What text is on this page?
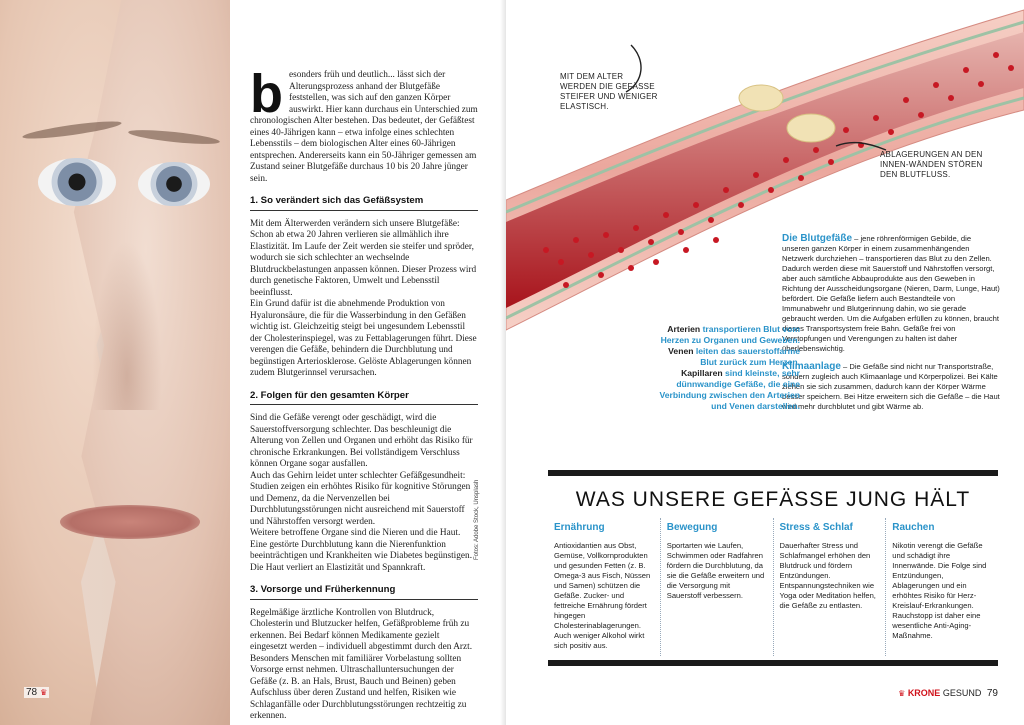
besonders früh und deutlich... lässt sich der Alterungsprozess anhand der Blutgefäße feststellen, was sich auf den ganzen Körper auswirkt. Hier kann durchaus ein Unterschied zum chronologischen Alter bestehen. Das bedeutet, der Gefäßtest eines 40-Jährigen kann – etwa infolge eines schlechten Lebensstils – dem biologischen Alter eines 60-Jährigen entsprechen. Andererseits kann ein 50-Jähriger gemessen am Zustand seiner Blutgefäße durchaus 10 bis 20 Jahre jünger sein.

1. So verändert sich das Gefäßsystem

Mit dem Älterwerden verändern sich unsere Blutgefäße: Schon ab etwa 20 Jahren verlieren sie allmählich ihre Elastizität. Im Laufe der Zeit werden sie steifer und spröder, wodurch sie sich schlechter an wechselnde Blutdruckbelastungen anpassen können. Dieser Prozess wird durch genetische Faktoren, Umwelt und Lebensstil beeinflusst.

Ein Grund dafür ist die abnehmende Produktion von Hyaluronsäure, die für die Wasserbindung in den Gefäßen wichtig ist. Gleichzeitig steigt bei ungesundem Lebensstil der Cholesterinspiegel, was zu Fettablagerungen führt. Diese verengen die Gefäße, behindern die Durchblutung und begünstigen Arteriosklerose. Gelöste Ablagerungen können zudem Blutgerinnsel verursachen.

2. Folgen für den gesamten Körper

Sind die Gefäße verengt oder geschädigt, wird die Sauerstoffversorgung schlechter. Das beschleunigt die Alterung von Zellen und Organen und erhöht das Risiko für chronische Erkrankungen. Bei vollständigem Verschluss können Organe sogar ausfallen.

Auch das Gehirn leidet unter schlechter Gefäßgesundheit: Studien zeigen ein erhöhtes Risiko für kognitive Störungen und Demenz, da die Nervenzellen bei Durchblutungsstörungen nicht ausreichend mit Sauerstoff und Nährstoffen versorgt werden.

Weitere betroffene Organe sind die Nieren und die Haut. Eine gestörte Durchblutung kann die Nierenfunktion beeinträchtigen und Krankheiten wie Diabetes begünstigen. Die Haut verliert an Elastizität und Spannkraft.

3. Vorsorge und Früherkennung

Regelmäßige ärztliche Kontrollen von Blutdruck, Cholesterin und Blutzucker helfen, Gefäßprobleme früh zu erkennen. Bei Bedarf können Medikamente gezielt eingesetzt werden – individuell abgestimmt durch den Arzt. Besonders Menschen mit familiärer Vorbelastung sollten Vorsorge ernst nehmen. Ultraschalluntersuchungen der Gefäße (z. B. an Hals, Brust, Bauch und Beinen) geben Aufschluss über deren Zustand und helfen, Risiken wie Schlaganfälle oder Durchblutungsstörungen rechtzeitig zu erkennen.

Fotos: Adobe Stock, Unsplash
78 ♛
MIT DEM ALTER WERDEN DIE GEFÄSSE STEIFER UND WENIGER ELASTISCH.
ABLAGERUNGEN AN DEN INNEN-WÄNDEN STÖREN DEN BLUTFLUSS.

Die Blutgefäße – jene röhrenförmigen Gebilde, die unseren ganzen Körper in einem zusammenhängenden Netzwerk durchziehen – transportieren das Blut zu den Zellen. Dadurch werden diese mit Sauerstoff und Nährstoffen versorgt, aber auch sämtliche Abbauprodukte aus den Geweben in Richtung der Ausscheidungsorgane (Nieren, Darm, Lunge, Haut) befördert. Die Gefäße liefern auch Bestandteile von Immunabwehr und Blutgerinnung dahin, wo sie gerade gebraucht werden. Um die Aufgaben erfüllen zu können, braucht dieses Transportsystem freie Bahn. Gefäße frei von Verstopfungen und Verengungen zu halten ist daher überlebenswichtig.

Klimaanlage – Die Gefäße sind nicht nur Transportstraße, sondern zugleich auch Klimaanlage und Körperpolizei. Bei Kälte ziehen sie sich zusammen, dadurch kann der Körper Wärme besser speichern. Bei Hitze erweitern sich die Gefäße – die Haut wird mehr durchblutet und gibt Wärme ab.

Arterien transportieren Blut vom Herzen zu Organen und Geweben. Venen leiten das sauerstoffarme Blut zurück zum Herzen. Kapillaren sind kleinste, sehr dünnwandige Gefäße, die eine Verbindung zwischen den Arterien und Venen darstellen.
WAS UNSERE GEFÄSSE JUNG HÄLT
Ernährung

Antioxidantien aus Obst, Gemüse, Vollkornprodukten und gesunden Fetten (z. B. Omega-3 aus Fisch, Nüssen und Samen) schützen die Gefäße. Zucker- und fettreiche Ernährung fördert hingegen Cholesterinablagerungen. Auch weniger Alkohol wirkt sich positiv aus.

Bewegung

Sportarten wie Laufen, Schwimmen oder Radfahren fördern die Durchblutung, da sie die Gefäße erweitern und die Versorgung mit Sauerstoff verbessern.

Stress & Schlaf

Dauerhafter Stress und Schlafmangel erhöhen den Blutdruck und fördern Entzündungen. Entspannungstechniken wie Yoga oder Meditation helfen, die Gefäße zu entlasten.

Rauchen

Nikotin verengt die Gefäße und schädigt ihre Innenwände. Die Folge sind Entzündungen, Ablagerungen und ein erhöhtes Risiko für Herz-Kreislauf-Erkrankungen. Rauchstopp ist daher eine wesentliche Anti-Aging-Maßnahme.

♛ KRONE GESUND 79
